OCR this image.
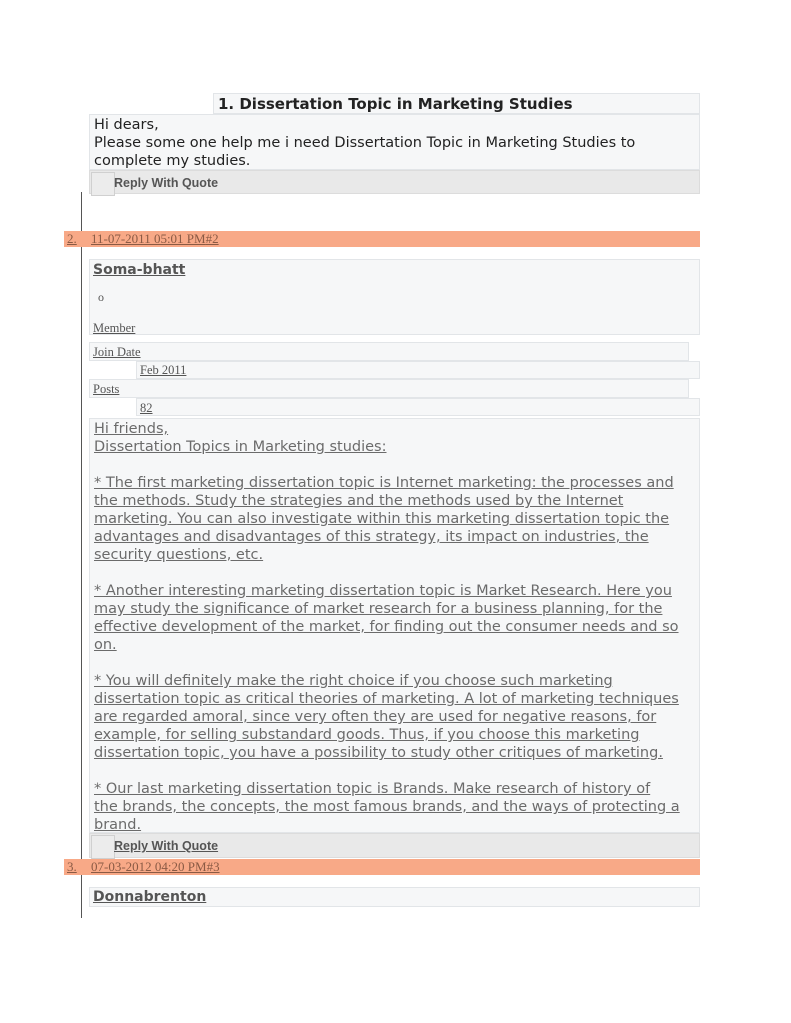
1. Dissertation Topic in Marketing Studies
Hi dears,
Please some one help me i need Dissertation Topic in Marketing Studies to
complete my studies.
Reply With Quote
2. 11-07-2011 05:01 PM#2
Soma-bhatt
o
Member
Join Date
Feb 2011
Posts
82

Hi friends,

Dissertation Topics in Marketing studies:

* The first marketing dissertation topic is Internet marketing: the processes and

the methods. Study the strategies and the methods used by the Internet

marketing. You can also investigate within this marketing dissertation topic the

advantages and disadvantages of this strategy, its impact on industries, the

security questions, etc.

* Another interesting marketing dissertation topic is Market Research. Here you

may study the significance of market research for a business planning, for the

effective development of the market, for finding out the consumer needs and so

on.

* You will definitely make the right choice if you choose such marketing

dissertation topic as critical theories of marketing. A lot of marketing techniques

are regarded amoral, since very often they are used for negative reasons, for

example, for selling substandard goods. Thus, if you choose this marketing

dissertation topic, you have a possibility to study other critiques of marketing.

* Our last marketing dissertation topic is Brands. Make research of history of

the brands, the concepts, the most famous brands, and the ways of protecting a

brand.

Reply With Quote
3. 07-03-2012 04:20 PM#3
Donnabrenton
